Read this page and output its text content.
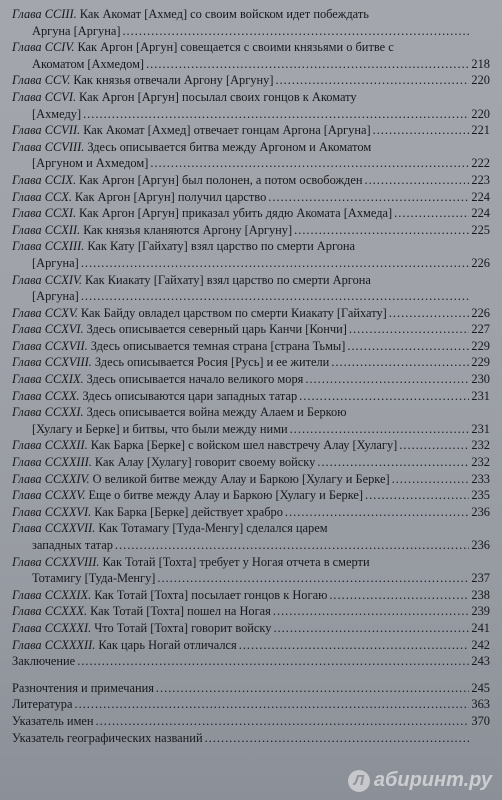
Глава CCIII. Как Акомат [Ахмед] со своим войском идет побеждать
Аргуна [Аргуна]
.....
Глава CCIV. Как Аргон [Аргун] совещается с своими князьями о битве с
Акоматом [Ахмедом] .....	218
Глава CCV. Как князья отвечали Аргону [Аргуну] .....	220
Глава CCVI. Как Аргон [Аргун] посылал своих гонцов к Акомату
[Ахмеду] .....	220
Глава CCVII. Как Акомат [Ахмед] отвечает гонцам Аргона [Аргуна] .....	221
Глава CCVIII. Здесь описывается битва между Аргоном и Акоматом
[Аргуном и Ахмедом] .....	222
Глава CCIX. Как Аргон [Аргун] был полонен, а потом освобожден .....	223
Глава CCX. Как Аргон [Аргун] получил царство .....	224
Глава CCXI. Как Аргон [Аргун] приказал убить дядю Акомата [Ахмеда] .....	224
Глава CCXII. Как князья кланяются Аргону [Аргуну] .....	225
Глава CCXIII. Как Кату [Гайхату] взял царство по смерти Аргона
[Аргуна] .....	226
Глава CCXIV. Как Киакату [Гайхату] взял царство по смерти Аргона
[Аргуна]
.....
Глава CCXV. Как Байду овладел царством по смерти Киакату [Гайхату] .....	226
Глава CCXVI. Здесь описывается северный царь Канчи [Кончи] .....	227
Глава CCXVII. Здесь описывается темная страна [страна Тьмы] .....	229
Глава CCXVIII. Здесь описывается Росия [Русь] и ее жители .....	229
Глава CCXIX. Здесь описывается начало великого моря .....	230
Глава CCXX. Здесь описываются цари западных татар .....	231
Глава CCXXI. Здесь описывается война между Алаем и Беркою
[Хулагу и Берке] и битвы, что были между ними .....	231
Глава CCXXII. Как Барка [Берке] с войском шел навстречу Алау [Хулагу] .....	232
Глава CCXXIII. Как Алау [Хулагу] говорит своему войску .....	232
Глава CCXXIV. О великой битве между Алау и Баркою [Хулагу и Берке] .....	233
Глава CCXXV. Еще о битве между Алау и Баркою [Хулагу и Берке] .....	235
Глава CCXXVI. Как Барка [Берке] действует храбро .....	236
Глава CCXXVII. Как Тотамагу [Туда-Менгу] сделался царем
западных татар .....	236
Глава CCXXVIII. Как Тотай [Тохта] требует у Ногая отчета в смерти
Тотамигу [Туда-Менгу] .....	237
Глава CCXXIX. Как Тотай [Тохта] посылает гонцов к Ногаю .....	238
Глава CCXXX. Как Тотай [Тохта] пошел на Ногая .....	239
Глава CCXXXI. Что Тотай [Тохта] говорит войску .....	241
Глава CCXXXII. Как царь Ногай отличался .....	242
Заключение .....	243
Разночтения и примечания .....	245
Литература .....	363
Указатель имен .....	370
Указатель географических названий
.....
Л абиринт.ру
